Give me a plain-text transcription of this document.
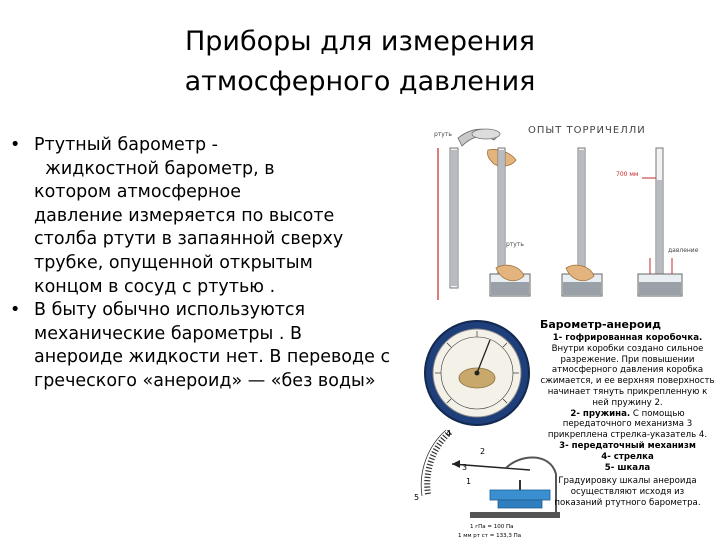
Приборы для измерения
атмосферного давления
• Ртутный барометр -
жидкостной барометр, в
котором атмосферное
давление измеряется по высоте
столба ртути в запаянной сверху
трубке, опущенной открытым
концом в сосуд с ртутью .
• В быту обычно используются
механические барометры . В
анероиде жидкости нет. В переводе с
греческого «анероид» — «без воды»
ОПЫТ ТОРРИЧЕЛЛИ
ртуть
700 мм
ртуть
давление
4
3
2
1
5
1 гПа = 100 Па
1 мм рт ст = 133,3 Па
Барометр-анероид
1- гофрированная коробочка.
Внутри коробки создано сильное
разрежение. При повышении
атмосферного давления коробка
сжимается, и ее верхняя поверхность
начинает тянуть прикрепленную к
ней пружину 2.
2- пружина. С помощью
передаточного механизма 3
прикреплена стрелка-указатель 4.
3- передаточный механизм
4- стрелка
5- шкала
Градуировку шкалы анероида
осуществляют исходя из
показаний ртутного барометра.
